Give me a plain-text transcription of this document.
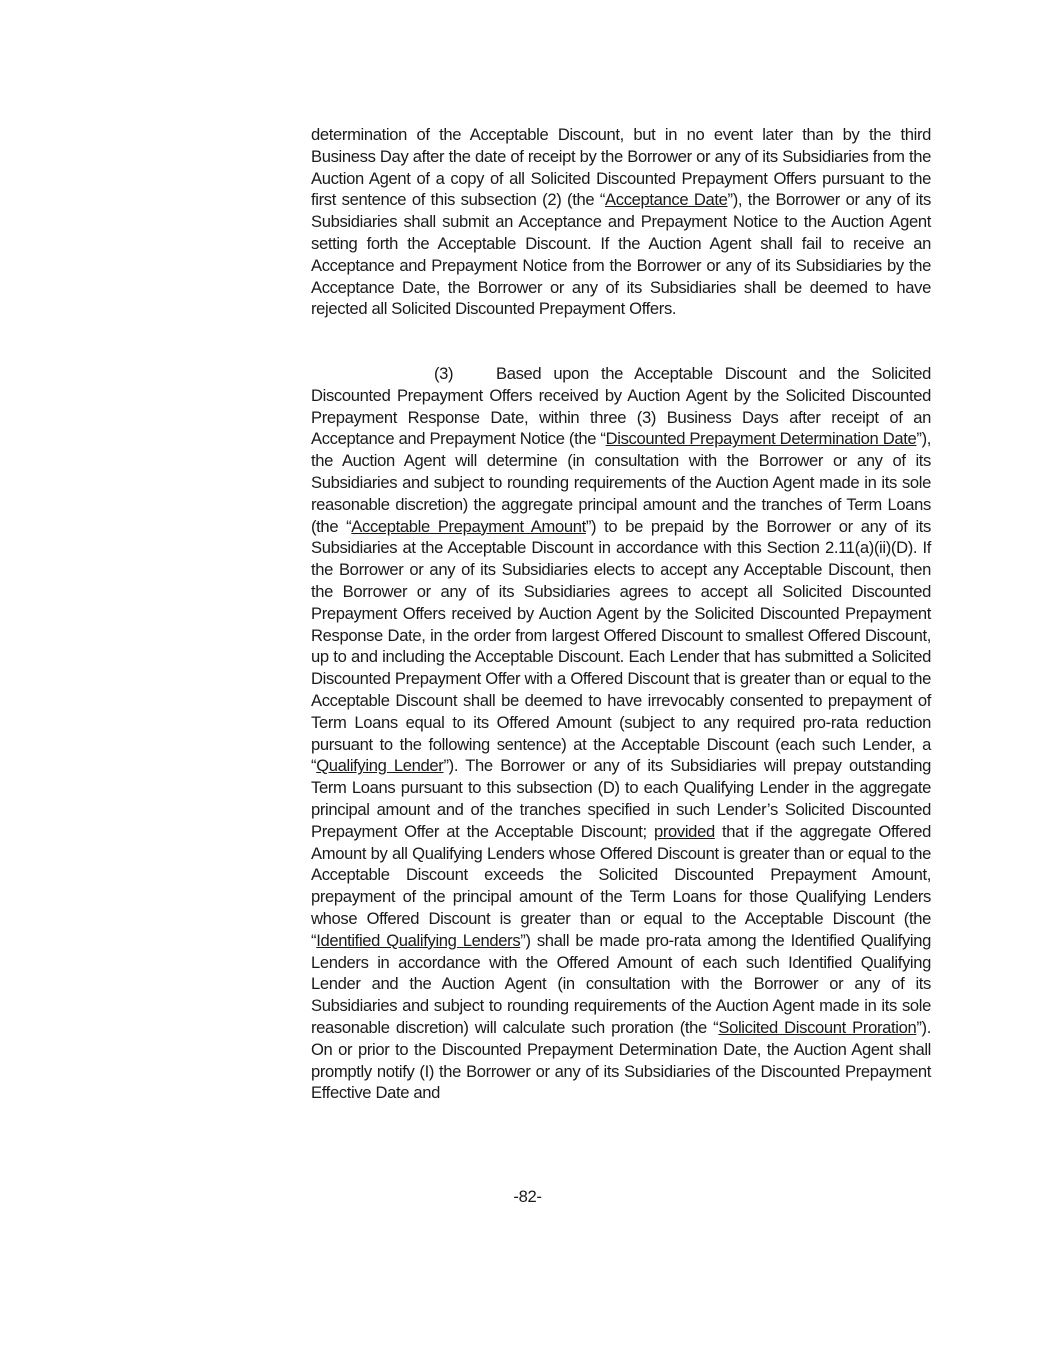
determination of the Acceptable Discount, but in no event later than by the third Business Day after the date of receipt by the Borrower or any of its Subsidiaries from the Auction Agent of a copy of all Solicited Discounted Prepayment Offers pursuant to the first sentence of this subsection (2) (the “Acceptance Date”), the Borrower or any of its Subsidiaries shall submit an Acceptance and Prepayment Notice to the Auction Agent setting forth the Acceptable Discount. If the Auction Agent shall fail to receive an Acceptance and Prepayment Notice from the Borrower or any of its Subsidiaries by the Acceptance Date, the Borrower or any of its Subsidiaries shall be deemed to have rejected all Solicited Discounted Prepayment Offers.
(3)	Based upon the Acceptable Discount and the Solicited Discounted Prepayment Offers received by Auction Agent by the Solicited Discounted Prepayment Response Date, within three (3) Business Days after receipt of an Acceptance and Prepayment Notice (the “Discounted Prepayment Determination Date”), the Auction Agent will determine (in consultation with the Borrower or any of its Subsidiaries and subject to rounding requirements of the Auction Agent made in its sole reasonable discretion) the aggregate principal amount and the tranches of Term Loans (the “Acceptable Prepayment Amount”) to be prepaid by the Borrower or any of its Subsidiaries at the Acceptable Discount in accordance with this Section 2.11(a)(ii)(D). If the Borrower or any of its Subsidiaries elects to accept any Acceptable Discount, then the Borrower or any of its Subsidiaries agrees to accept all Solicited Discounted Prepayment Offers received by Auction Agent by the Solicited Discounted Prepayment Response Date, in the order from largest Offered Discount to smallest Offered Discount, up to and including the Acceptable Discount. Each Lender that has submitted a Solicited Discounted Prepayment Offer with a Offered Discount that is greater than or equal to the Acceptable Discount shall be deemed to have irrevocably consented to prepayment of Term Loans equal to its Offered Amount (subject to any required pro-rata reduction pursuant to the following sentence) at the Acceptable Discount (each such Lender, a “Qualifying Lender”). The Borrower or any of its Subsidiaries will prepay outstanding Term Loans pursuant to this subsection (D) to each Qualifying Lender in the aggregate principal amount and of the tranches specified in such Lender’s Solicited Discounted Prepayment Offer at the Acceptable Discount; provided that if the aggregate Offered Amount by all Qualifying Lenders whose Offered Discount is greater than or equal to the Acceptable Discount exceeds the Solicited Discounted Prepayment Amount, prepayment of the principal amount of the Term Loans for those Qualifying Lenders whose Offered Discount is greater than or equal to the Acceptable Discount (the “Identified Qualifying Lenders”) shall be made pro-rata among the Identified Qualifying Lenders in accordance with the Offered Amount of each such Identified Qualifying Lender and the Auction Agent (in consultation with the Borrower or any of its Subsidiaries and subject to rounding requirements of the Auction Agent made in its sole reasonable discretion) will calculate such proration (the “Solicited Discount Proration”). On or prior to the Discounted Prepayment Determination Date, the Auction Agent shall promptly notify (I) the Borrower or any of its Subsidiaries of the Discounted Prepayment Effective Date and
-82-
